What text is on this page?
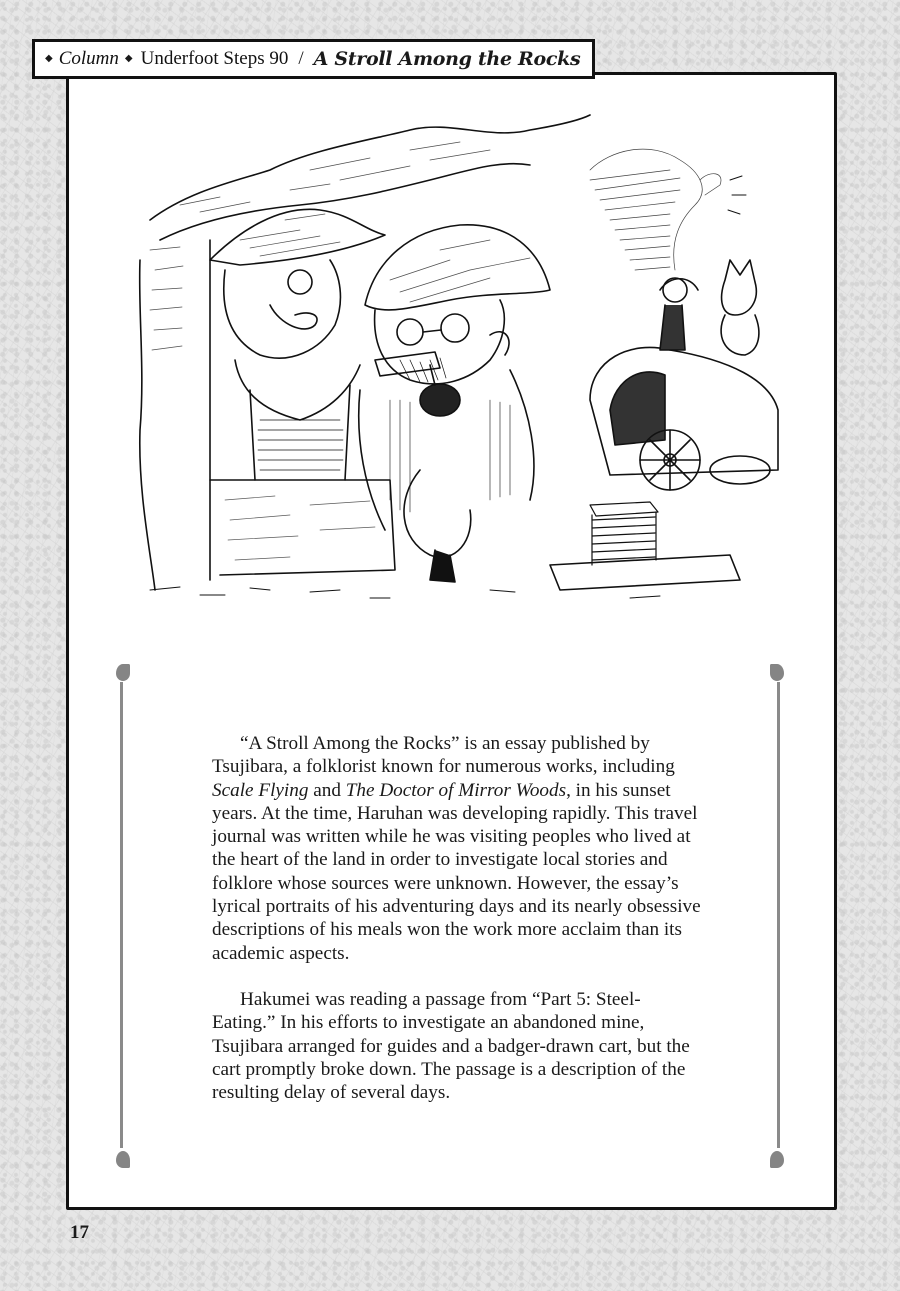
◆ Column ◆ Underfoot Steps 90 / A Stroll Among the Rocks

“A Stroll Among the Rocks” is an essay published by Tsujibara, a folklorist known for numerous works, including Scale Flying and The Doctor of Mirror Woods, in his sunset years. At the time, Haruhan was developing rapidly. This travel journal was written while he was visiting peoples who lived at the heart of the land in order to investigate local stories and folklore whose sources were unknown. However, the essay’s lyrical portraits of his adventuring days and its nearly obsessive descriptions of his meals won the work more acclaim than its academic aspects.

Hakumei was reading a passage from “Part 5: Steel-Eating.” In his efforts to investigate an abandoned mine, Tsujibara arranged for guides and a badger-drawn cart, but the cart promptly broke down. The passage is a description of the resulting delay of several days.

17
